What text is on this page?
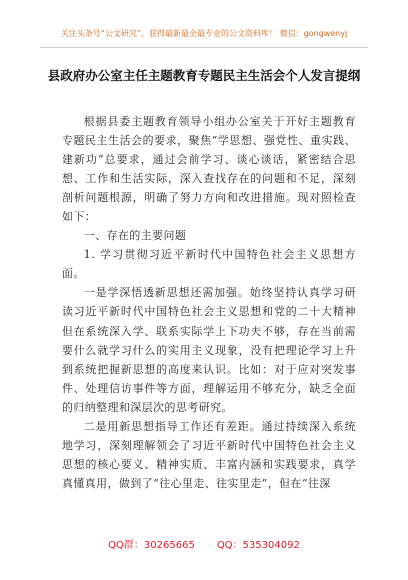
关注头条号“公文研究”，获得最新最全最专业的公文资料库！ 微信：gongwenyj
县政府办公室主任主题教育专题民主生活会个人发言提纲

根据县委主题教育领导小组办公室关于开好主题教育专题民主生活会的要求，聚焦“学思想、强党性、重实践、建新功”总要求，通过会前学习、谈心谈话，紧密结合思想、工作和生活实际，深入查找存在的问题和不足，深刻剖析问题根源，明确了努力方向和改进措施。现对照检查如下：

一、存在的主要问题

1. 学习贯彻习近平新时代中国特色社会主义思想方面。

一是学深悟透新思想还需加强。始终坚持认真学习研读习近平新时代中国特色社会主义思想和党的二十大精神但在系统深入学、联系实际学上下功夫不够，存在当前需要什么就学习什么的实用主义现象，没有把理论学习上升到系统把握新思想的高度来认识。比如：对于应对突发事件、处理信访事件等方面，理解运用不够充分，缺乏全面的归纳整理和深层次的思考研究。

二是用新思想指导工作还有差距。通过持续深入系统地学习，深刻理解领会了习近平新时代中国特色社会主义思想的核心要义、精神实质、丰富内涵和实践要求，真学真懂真用，做到了“往心里走、往实里走”，但在“往深

QQ群：30265665 QQ：535304092
